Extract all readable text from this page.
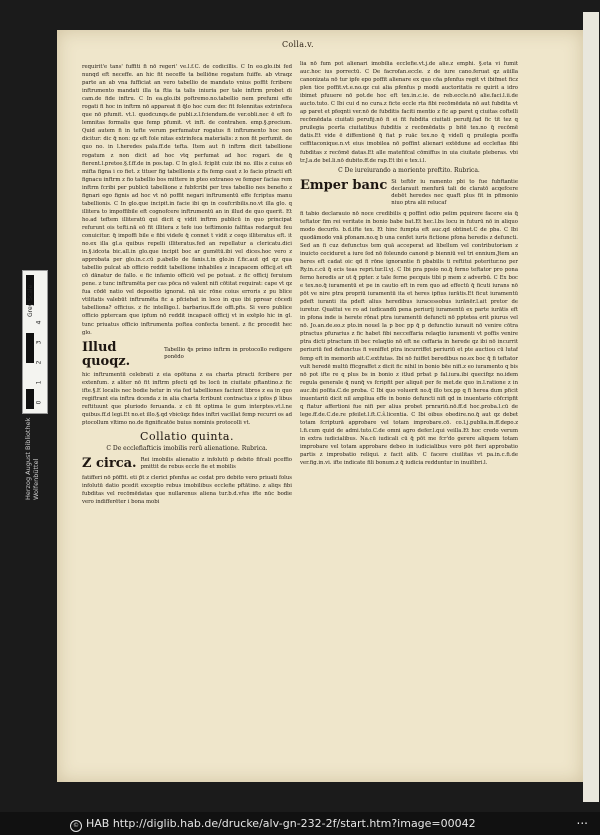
Colla.v.

requirit'e tans' fuffiti fi nō regeri' ve.l.f.C. de codicillis. C In eo.glo.ibi fed nunqd eft neceffe. an hic fit neceffe ta belliōne rogatum fuiffe. ab vtraqz parte an ab vna fufficiat an vero tabellio de mandato vnius poffit fcribere inftrumento mandati illa ta ftia ta talis iniuria per tale inftrm probet di cam.de fide inftru. C In ea.glo.ibi poftremo.no.tabellio nem prefumi effe rogati fi hoc in inftrm nō appareat fi q̄lo hoc cum dec fit folennitas extrinfeca que nō pfumit. vt.l. quodcunqs.de publi.z.l.fciendum.de ver.obli.nec ē eft fo lemnitas formalis que femp pfumit. vt inft. de contrahen. emp.§.precium. Quid autem fi in tefte verum perfumatur rogatus fi inftrumento hoc non dicitur: dic q̄ non: qz eft fole nitas extrinfeca materialis: z non fit perfumit. de quo no. in l.heredes pala.ff.de tefta. Item aut fi inftrm dicit tabellione rogatum z non dicit ad hoc vtq perfumat ad hoc rogari. de q̄ fierent.l.pretee.§.f.ff.de in pos.tap. C In glo.ī. fciplit cuiz ibi no. illis z cuius eō mifta figna i co fiet. z tituer fig tabellionis z fis femp caut z lo facio ptracti eft fignacu inftrm z fio tabellio bos mittere in pteo extraneo ve femper facias rem inftrm fcribi per publicū tabellione z fubfcribi per tres tabellio nes benefio z fignari ego fignis ad hoc vt nō poffit negari inftrumentū effe fcriptus manu tabellionis. C In glo.que incipit.in facie ibi qn in coufcribilis.no.vt illa glo. q illitera to impoffibile eft cognofcere inftrumentū an in illud de quo querit. Et ho.ad teftem illiteratū qui dicit q vidit inftrm publicū in quo principat refurunt ois tefti.nā eō fit illitera z tefe iuo teftimonio falfitas redarguit feu conuicitur. q̄ impoffi bile e fibi videfe q̄ connet t vidit z ceqo illiteratus eft. it no.ex illa gl.a quibus repelli illiteratus.fed an repellatur a clericatu.dici in.§.idcota bic.all.in glo.que incipit boc ar gumētū.ibi vel dices.hoc vero z approbata per glo.in.c.cū p.abello de fanis.t.in glo.in f.fic.aut qd qz qua tabellio pulcat ab officio reddit tabellione inhabiles z incapacem officij.et eft cō dānatur de fallo. e fic infamio officiū vel pe potuat. z fic officij feruium pene. z tunc inftrumēta per cas pōca nō valent nifi cōtitat requirat: cape vt qz fua cōdē natio vel depositio ignorat. nā uic rōne coius erroris z pu blice vtilitatis valebūt inftrumēta fic a pfciebat in loco in quo ibi pprear cōcedi tabelliona? officius. z fic intelligo.l. barbarius.ff.de offi.pfis. Si vero publice officio pptercam que ipfum nō reddit incapacē officij vt in exēplo hic in gl. tunc priuatus officio inftrumenta poftea confecta tenent. z fic procedit hec glo.

Illud quoqz.
Tabellio q̄s primo inftrm in protocollo redigere ponēdo

hic inftrumentū celebrati z eia opōtuna z ea charta ptracti fcribere per extenfum. z aliter nō fit inftrm pfecti qd bs locū in ciuitate pftantino.z fic ifte.§.E localis nec bodie hetur in via fed tabelliones faciunt libros z ea in quo regiftrant eia inftra dcenda z in alia charta fcribunt contractus z ipfos p̄ libus reftituunt que pluriodo feruanda. z cū fit optima le gum interptes.vt.l.ne quibus.ff.d legi.Et no.et illo.§.qd vbicūqz fides inftri vacillat femp recurri os ad ptocollum vltimo no.de fignificatōe buius nominis protocolli vt.

Collatio quinta.
C De ecclefiafticis imobilis rerū alienatione. Rubrica.
Z circa. Rei imobilis alienatio z infolutū p debito fifcali pceffio pmittit de rebus eccle fie et mobilis

fatifferi nō pōffit. eti p̄t z clerici pfenfus ac cedat pro debito vero priuati folus infolutū datio pcedit exceptio rebus imobilibus ecclefie pftātino. z aliqs fibi fubditas vel recōmēdatas que nullarenus aliena tur.b.d.vfus ifte nūc bodie vero indifferēter i bona mobi

lia nō fum pot alienari imobilia ecclefie.vt.j.de alie.z emphi. §.eta vi fumit auc.hoc ius porrectū. C De facrofan.eccle. z de iure cano.feruat qz aūilla canonizata nō tur ipfe epo poffit alienare ex quo cōa pfenfus regit vt ibifmet ficz plen tice poffit.vt.e.no.qz cui alia pfenfus p modū auctoritatis re quirit a idro ibimet pfuuere nō pot.de hoc eft tex.in.c.ie. de reb.eccle.nō alie.faci.l.ii.de aucto.tuto. C Ibi cui d no cura.z ficte eccle rta fibi recōmēdata nō aut fubdita vt ap paret et pfeqnti ver.nō de fubditis faciti mentio z fic ap paret q ciuitas coftelli recōmēdata ciuitati perufij.nō fi ei fit fubdita ciuitati perufij.fad fic tit tez q pruilegia pcerīa ciuitatibus fubditis z recōmēdatis p bitē tex.no q̄ recōmē datis.Et vide ē diffentionē q̄ fiat p ruāc tex.no q̄ videlī q pruilegia pceffa ceffitaconique.n.vt eius imobilea nō poffint alienari extēdune ad ecclefias fibi fubditas z recōmē datas.Et alle matefifcal cōmiffus in uia ciuitate pleberas. vbi tr.J.a.de bel.li.nō dubito.ff.de rap.Et ibi e tex.i.l.

C De iureiurando a moriente preftito. Rubrica.
Emper banc Si teftōr iu ramento pbi to fue fubftantie declarauit menfurā tali de claratō acqefcere debēt heredes nec quaft plus fit in pfimonio niuo ptra alii relucaf

fi tabio declarauio nō noce credibilis q poffint odio pelim pquirere facere eia q̄ teftator fim rei veritate in bonio babe bat.Et hec.l.bs locu in futurū nō in aliquo modo decurfo. b.d.ifte tex. Et hinc fumpta eft auc.qd obtinet.C de pba. C Ibi quodāmodo vnā pfonam.no.q b una cenfet iuris fictione pfona heredis z defuncti. Sed an fi cuz defunctus tem quā acceperat ad libellum vel contributoriam z inuicto ceciduret a iure ſed nō foleundo canonē p bienniū vel tri ennium.Jtem an heres eft cadat oic qd fi rōne ignorantie fi pbabilis ti reftitui poteritur.no per Ry.in.c.cū q̄ ecis teas repri.tur.ll.vj. C Ibi pra ppsio no.q̄ ferno teftator pro pona ferno heredis ar ut q̄ ppter. z tale ferne pecquis tibi p mem z adverbū. C Ex boc e tex.no.q̄ iuramentū et pe in cautio eft in rem quo ad effectū q̄ ficuti iurans nō pōt ve nire ptra propriū iuramentū ita et heres ipfius iurātis.Et ficut iuramentū pdeft iuranti ita pdeft alius heredibus iuracessobus iurānēr.l.ait pretor de iuretur. Quattui ve ro ad iudicandū pena periurij iuramentū ex parte iurātis eft in pfona inde is herete rōnat ptra iuramentū defuncti nō pptetea erit piurus vel nō. Jo.an.de.eo.z pto.in nouel la p boc pp q̄ p defunctio iurauit nō venire cōtra ptractus pfurarius z fic habet fibi necceffaria relaqtio iuramenti vt poffis venire ptra dicti ptractum ifi bec relaqtio nō eft ne ceffaria in herede qz ibi nō incurrit periuriū fed defunctus fi veniffet ptra incurriffet periuriū et pte auctiou cū lutaf femp eft in memorib ait.C.extfutas. Ibi nō fuiffet beredibus no.ex boc q̄ fi teftator vult heredē multū fficgraffet z dicit fic nihil in bonio bēe nifi.z eo iuramento q bis nō pot ifte re q plus bs in bonio z itlud prbat p fal.iura.ibi quecifqz no.idem regula generale q̄ nunq̄ vs fcripfit per aliquē per fe met.de quo in.l.ratione z in auc.ibi poſita.C.de proba. C Ibi quo voluerit no.q̄ illo tex.pp q fi herea dum pficit inuentariū dicit nil ampliua effe in bonio defuncti nifi qd in inuentario cōfcripfit q ftatur affertioni fue nifi per alius probet prnrariū.nō.ff.d hoc.proba.l.cū de lege.ff.de.C.de.re pfeilet.l.ft.C.ŝ.licentia. C Ibi oibus obedire.no.q̄ aut qz debet totam fcripturā approbare vel totam improbare.cō. co.l.j.publia.in.ff.depo.z l.fi.cum quid de admi.tuto.C.de omni agro defer.l.qui veilla.Et hoc credo verum in extra iudicialibus. Na.cū iudicali cū q̄ pōt me fcr'do gerere aliquem totam improbare vel totam approbare debeo in iudicialibus vero pōt fieri approbatio partis z improbatio reliqui. z facit alib. C facere ciuilitas vt pa.in.c.fi.de ver.fig.in.vi. ifte indicate fili bonum.z q̄ iudicia redduntur in inuiſibri.l.

Grey Scale
0
1
2
3
4
Herzog August Bibliothek Wolfenbüttel
© HAB http://diglib.hab.de/drucke/alv-gn-232-2f/start.htm?image=00042	...
